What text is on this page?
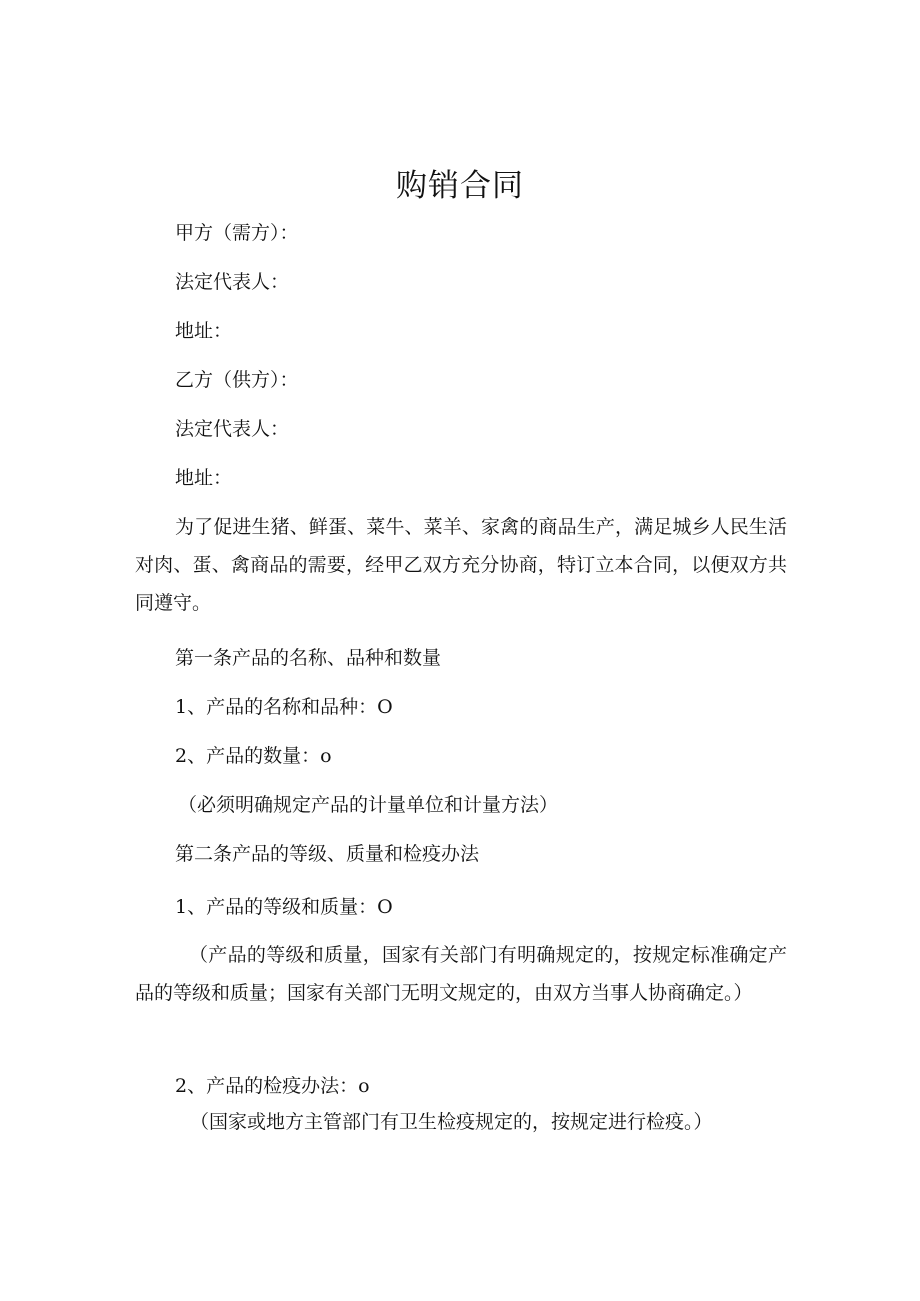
购销合同
甲方（需方）：
法定代表人：
地址：
乙方（供方）：
法定代表人：
地址：
为了促进生猪、鲜蛋、菜牛、菜羊、家禽的商品生产，满足城乡人民生活对肉、蛋、禽商品的需要，经甲乙双方充分协商，特订立本合同，以便双方共同遵守。
第一条产品的名称、品种和数量
1、产品的名称和品种：O
2、产品的数量：o
（必须明确规定产品的计量单位和计量方法）
第二条产品的等级、质量和检疫办法
1、产品的等级和质量：O
（产品的等级和质量，国家有关部门有明确规定的，按规定标准确定产品的等级和质量；国家有关部门无明文规定的，由双方当事人协商确定。）
2、产品的检疫办法：o
（国家或地方主管部门有卫生检疫规定的，按规定进行检疫。）
